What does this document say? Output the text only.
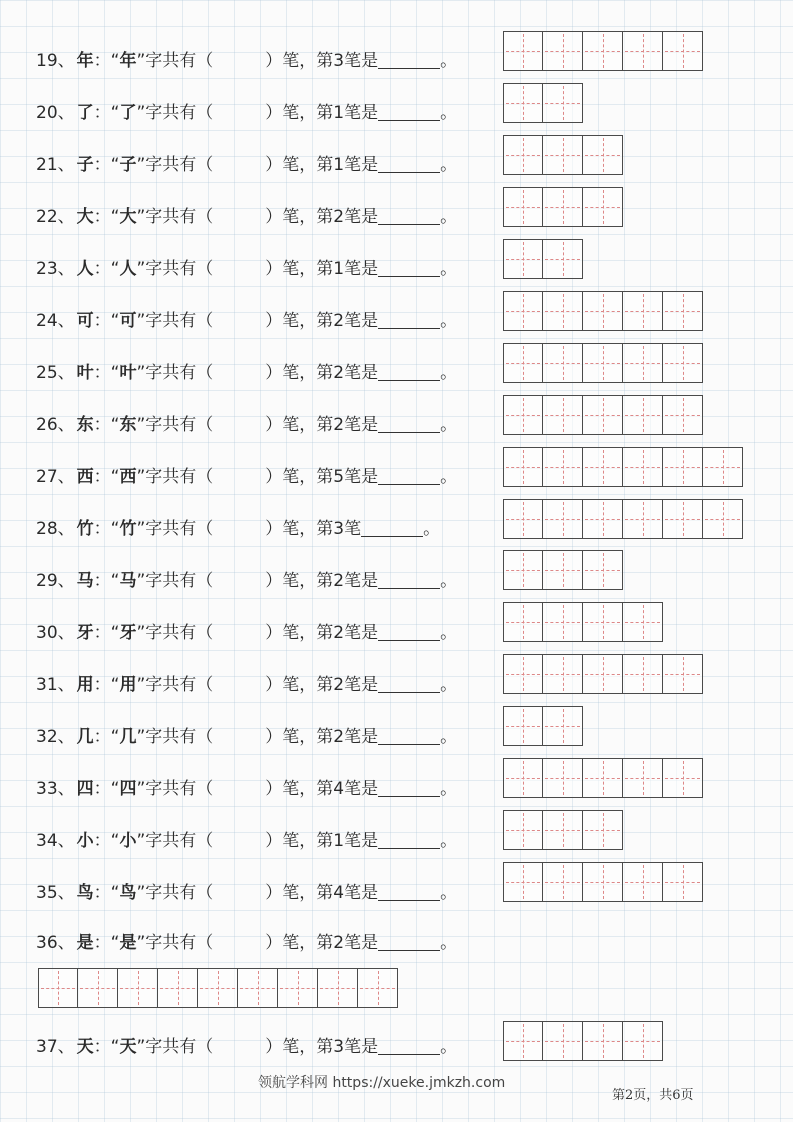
19、 年：“年”字共有（	）笔，第3笔是	。
20、 了：“了”字共有（	）笔，第1笔是	。
21、 子：“子”字共有（	）笔，第1笔是	。
22、 大：“大”字共有（	）笔，第2笔是	。
23、 人：“人”字共有（	）笔，第1笔是	。
24、 可：“可”字共有（	）笔，第2笔是	。
25、 叶：“叶”字共有（	）笔，第2笔是	。
26、 东：“东”字共有（	）笔，第2笔是	。
27、 西：“西”字共有（	）笔，第5笔是	。
28、 竹：“竹”字共有（	）笔，第3笔	。
29、 马：“马”字共有（	）笔，第2笔是	。
30、 牙：“牙”字共有（	）笔，第2笔是	。
31、 用：“用”字共有（	）笔，第2笔是	。
32、 几：“几”字共有（	）笔，第2笔是	。
33、 四：“四”字共有（	）笔，第4笔是	。
34、 小：“小”字共有（	）笔，第1笔是	。
35、 鸟：“鸟”字共有（	）笔，第4笔是	。
36、 是：“是”字共有（	）笔，第2笔是	。
37、 天：“天”字共有（	）笔，第3笔是	。
领航学科网 https://xueke.jmkzh.com
第2页，共6页
